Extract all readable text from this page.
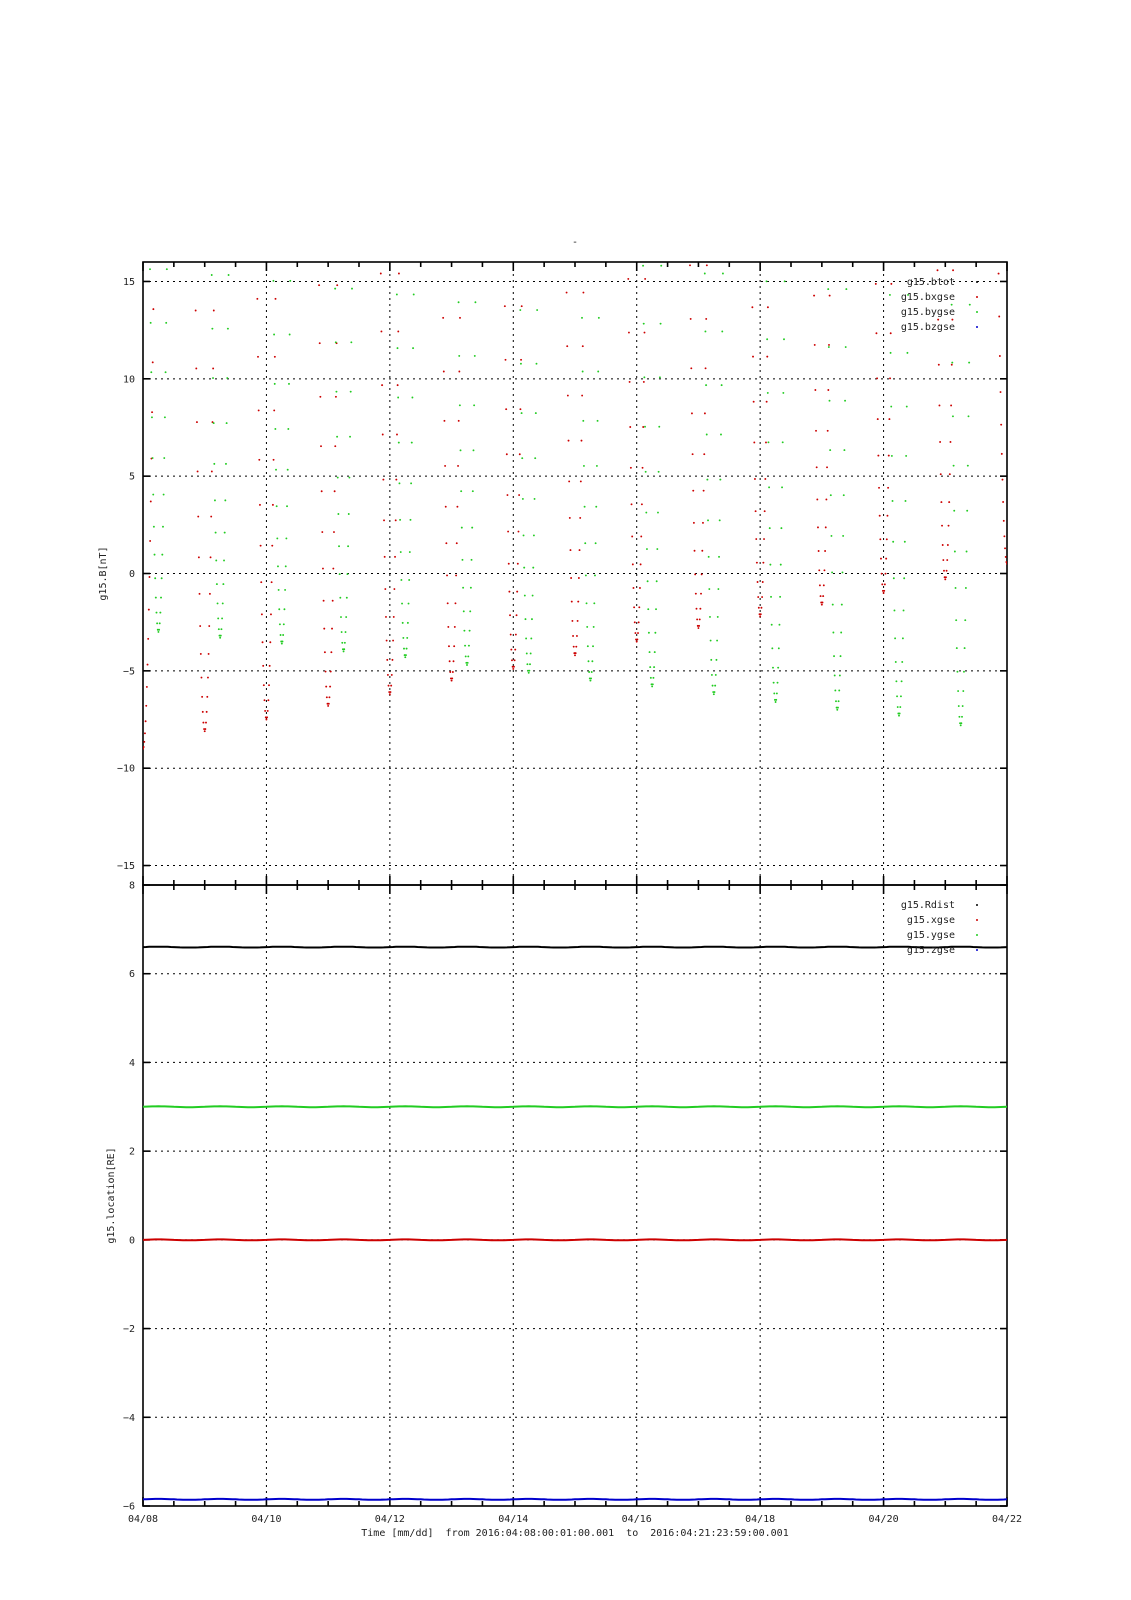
-
−15
−10
−5
0
5
10
15
g15.B[nT]
g15.btot
g15.bxgse
g15.bygse
g15.bzgse
−6
−4
−2
0
2
4
6
8
g15.location[RE]
g15.Rdist
g15.xgse
g15.ygse
g15.zgse
04/08	04/10	04/12	04/14	04/16	04/18	04/20	04/22
Time [mm/dd]  from 2016:04:08:00:01:00.001  to  2016:04:21:23:59:00.001
